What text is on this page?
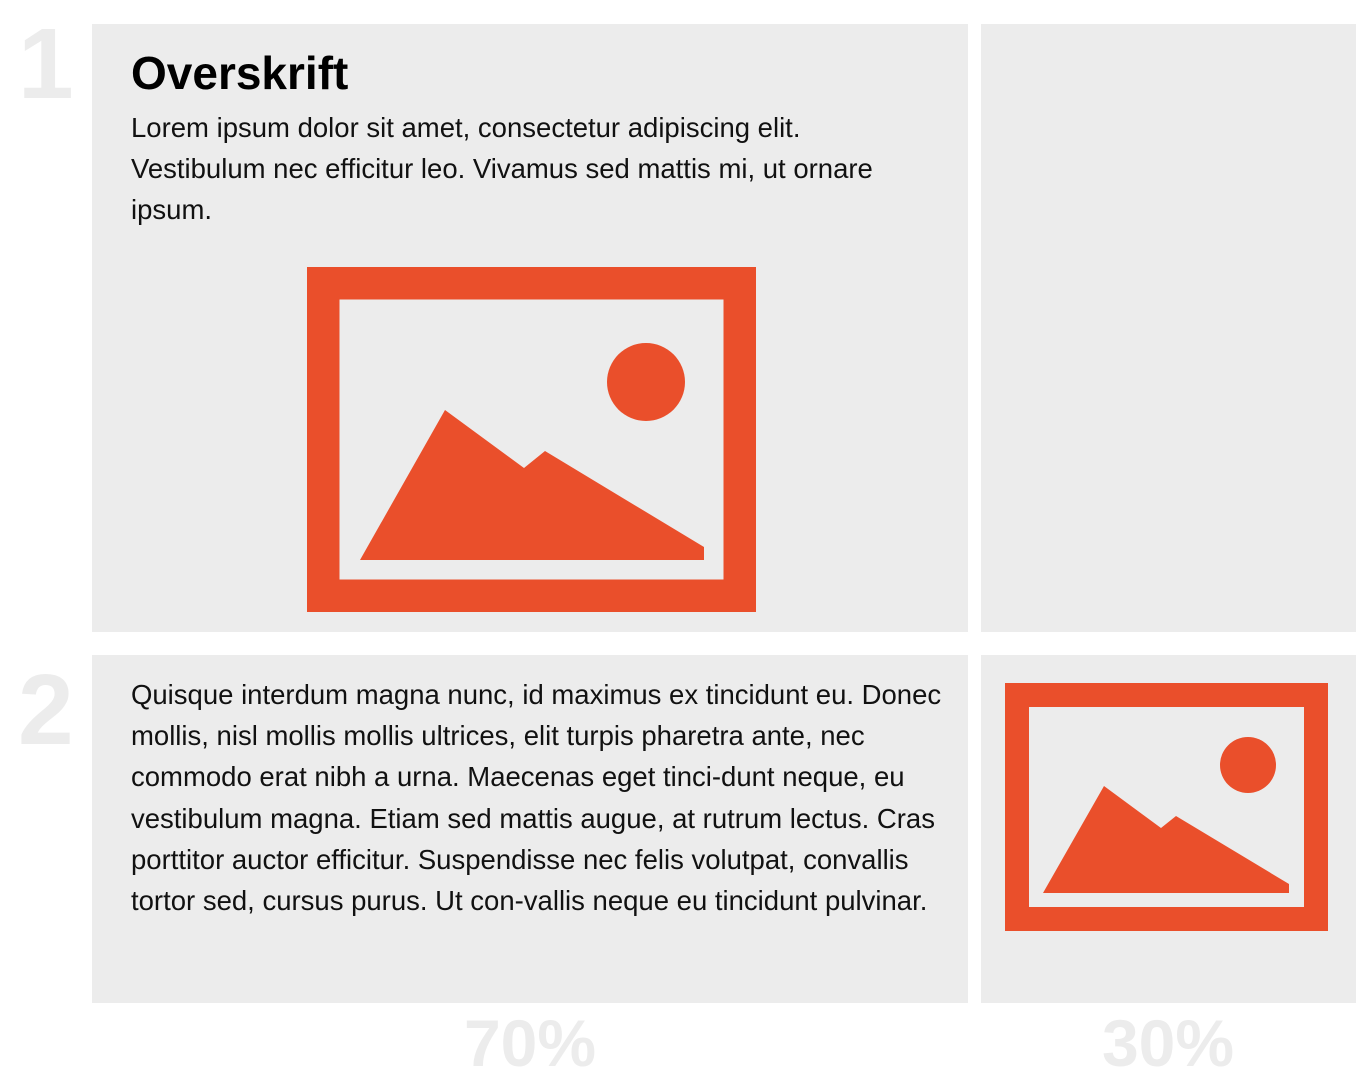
1
2
Overskrift

Lorem ipsum dolor sit amet, consectetur adipiscing elit. Vestibulum nec efficitur leo. Vivamus sed mattis mi, ut ornare ipsum.

Quisque interdum magna nunc, id maximus ex tincidunt eu. Donec mollis, nisl mollis mollis ultrices, elit turpis pharetra ante, nec commodo erat nibh a urna. Maecenas eget tinci-dunt neque, eu vestibulum magna. Etiam sed mattis augue, at rutrum lectus. Cras porttitor auctor efficitur. Suspendisse nec felis volutpat, convallis tortor sed, cursus purus. Ut con-vallis neque eu tincidunt pulvinar.

70%	30%
